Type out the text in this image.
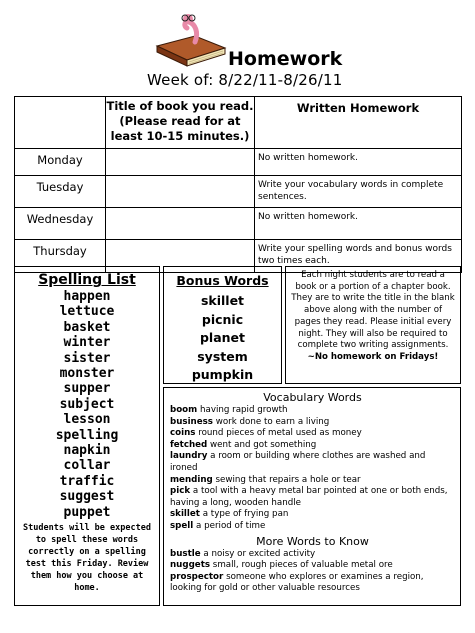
Homework
Week of: 8/22/11-8/26/11
	Title of book you read. (Please read for at least 10-15 minutes.)	Written Homework
Monday		No written homework.
Tuesday		Write your vocabulary words in complete sentences.
Wednesday		No written homework.
Thursday		Write your spelling words and bonus words two times each.
Spelling List
happen
lettuce
basket
winter
sister
monster
supper
subject
lesson
spelling
napkin
collar
traffic
suggest
puppet
Students will be expected to spell these words correctly on a spelling test this Friday. Review them how you choose at home.
Bonus Words
skillet
picnic
planet
system
pumpkin
Each night students are to read a book or a portion of a chapter book. They are to write the title in the blank above along with the number of pages they read. Please initial every night. They will also be required to complete two writing assignments.
~No homework on Fridays!
Vocabulary Words
boom having rapid growth
business work done to earn a living
coins round pieces of metal used as money
fetched went and got something
laundry a room or building where clothes are washed and ironed
mending sewing that repairs a hole or tear
pick a tool with a heavy metal bar pointed at one or both ends, having a long, wooden handle
skillet a type of frying pan
spell a period of time
More Words to Know
bustle a noisy or excited activity
nuggets small, rough pieces of valuable metal ore
prospector someone who explores or examines a region, looking for gold or other valuable resources
